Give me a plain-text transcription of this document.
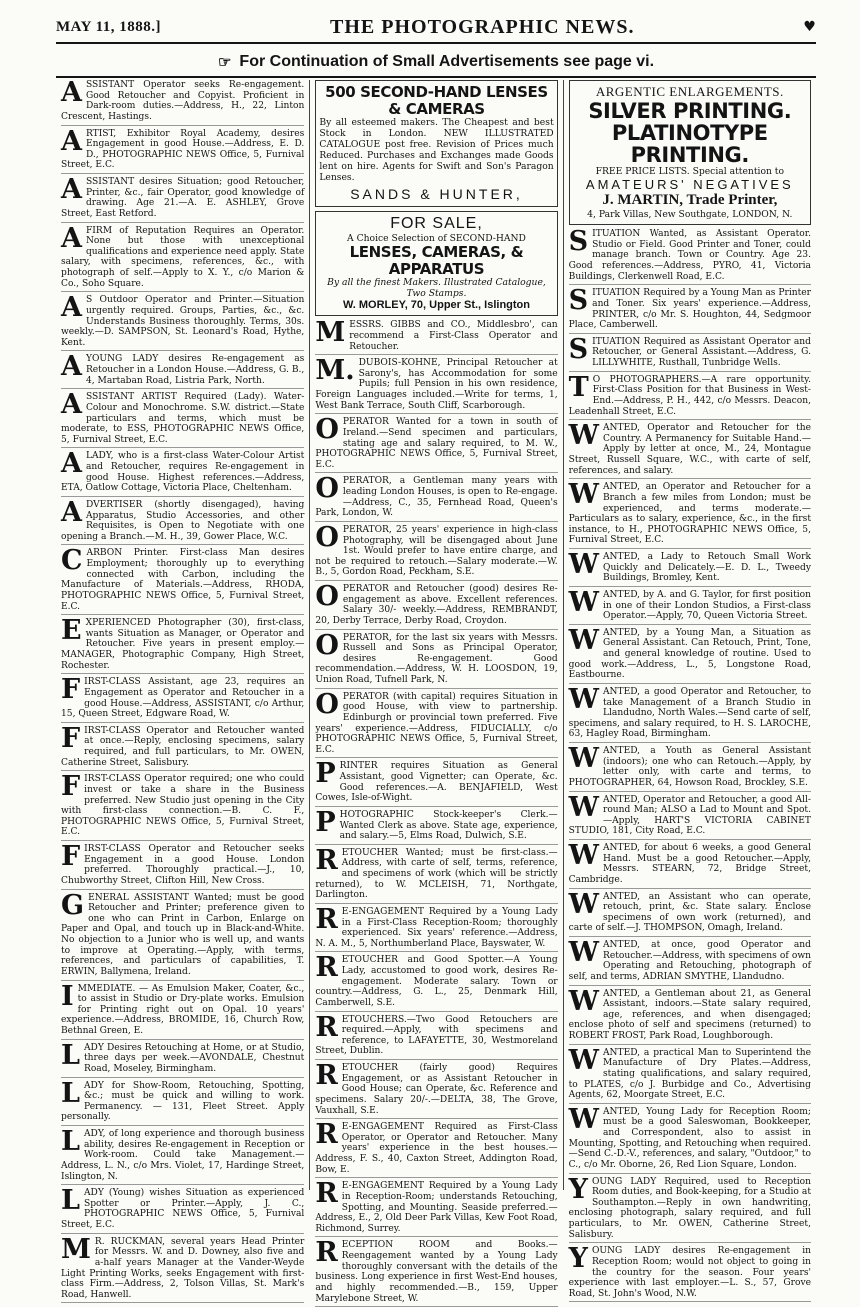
MAY 11, 1888.]	THE PHOTOGRAPHIC NEWS.	♥
☞ For Continuation of Small Advertisements see page vi.

ASSISTANT Operator seeks Re-engagement. Good Retoucher and Copyist. Proficient in Dark-room duties.—Address, H., 22, Linton Crescent, Hastings.

ARTIST, Exhibitor Royal Academy, desires Engagement in good House.—Address, E. D. D., PHOTOGRAPHIC NEWS Office, 5, Furnival Street, E.C.

ASSISTANT desires Situation; good Retoucher, Printer, &c., fair Operator, good knowledge of drawing. Age 21.—A. E. ASHLEY, Grove Street, East Retford.

AFIRM of Reputation Requires an Operator. None but those with unexceptional qualifications and experience need apply. State salary, with specimens, references, &c., with photograph of self.—Apply to X. Y., c/o Marion & Co., Soho Square.

AS Outdoor Operator and Printer.—Situation urgently required. Groups, Parties, &c., &c. Understands Business thoroughly. Terms, 30s. weekly.—D. SAMPSON, St. Leonard's Road, Hythe, Kent.

AYOUNG LADY desires Re-engagement as Retoucher in a London House.—Address, G. B., 4, Martaban Road, Listria Park, North.

ASSISTANT ARTIST Required (Lady). Water-Colour and Monochrome. S.W. district.—State particulars and terms, which must be moderate, to ESS, PHOTOGRAPHIC NEWS Office, 5, Furnival Street, E.C.

ALADY, who is a first-class Water-Colour Artist and Retoucher, requires Re-engagement in good House. Highest references.—Address, ETA, Oatlow Cottage, Victoria Place, Cheltenham.

ADVERTISER (shortly disengaged), having Apparatus, Studio Accessories, and other Requisites, is Open to Negotiate with one opening a Branch.—M. H., 39, Gower Place, W.C.

CARBON Printer. First-class Man desires Employment; thoroughly up to everything connected with Carbon, including the Manufacture of Materials.—Address, RHODA, PHOTOGRAPHIC NEWS Office, 5, Furnival Street, E.C.

EXPERIENCED Photographer (30), first-class, wants Situation as Manager, or Operator and Retoucher. Five years in present employ.—MANAGER, Photographic Company, High Street, Rochester.

FIRST-CLASS Assistant, age 23, requires an Engagement as Operator and Retoucher in a good House.—Address, ASSISTANT, c/o Arthur, 15, Queen Street, Edgware Road, W.

FIRST-CLASS Operator and Retoucher wanted at once.—Reply, enclosing specimens, salary required, and full particulars, to Mr. OWEN, Catherine Street, Salisbury.

FIRST-CLASS Operator required; one who could invest or take a share in the Business preferred. New Studio just opening in the City with first-class connection.—B. C. F., PHOTOGRAPHIC NEWS Office, 5, Furnival Street, E.C.

FIRST-CLASS Operator and Retoucher seeks Engagement in a good House. London preferred. Thoroughly practical.—J., 10, Chubworthy Street, Clifton Hill, New Cross.

GENERAL ASSISTANT Wanted; must be good Retoucher and Printer; preference given to one who can Print in Carbon, Enlarge on Paper and Opal, and touch up in Black-and-White. No objection to a Junior who is well up, and wants to improve at Operating.—Apply, with terms, references, and particulars of capabilities, T. ERWIN, Ballymena, Ireland.

IMMEDIATE. — As Emulsion Maker, Coater, &c., to assist in Studio or Dry-plate works. Emulsion for Printing right out on Opal. 10 years' experience.—Address, BROMIDE, 16, Church Row, Bethnal Green, E.

LADY Desires Retouching at Home, or at Studio, three days per week.—AVONDALE, Chestnut Road, Moseley, Birmingham.

LADY for Show-Room, Retouching, Spotting, &c.; must be quick and willing to work. Permanency. — 131, Fleet Street. Apply personally.

LADY, of long experience and thorough business ability, desires Re-engagement in Reception or Work-room. Could take Management.—Address, L. N., c/o Mrs. Violet, 17, Hardinge Street, Islington, N.

LADY (Young) wishes Situation as experienced Spotter or Printer.—Apply, J. C., PHOTOGRAPHIC NEWS Office, 5, Furnival Street, E.C.

MR. RUCKMAN, several years Head Printer for Messrs. W. and D. Downey, also five and a-half years Manager at the Vander-Weyde Light Printing Works, seeks Engagement with first-class Firm.—Address, 2, Tolson Villas, St. Mark's Road, Hanwell.

500 SECOND-HAND LENSES & CAMERAS
By all esteemed makers. The Cheapest and best Stock in London. NEW ILLUSTRATED CATALOGUE post free. Revision of Prices much Reduced. Purchases and Exchanges made Goods lent on hire. Agents for Swift and Son's Paragon Lenses.
SANDS & HUNTER,
FOR SALE,
A Choice Selection of SECOND-HAND
LENSES, CAMERAS, & APPARATUS
By all the finest Makers. Illustrated Catalogue, Two Stamps.
W. MORLEY, 70, Upper St., Islington

MESSRS. GIBBS and CO., Middlesbro', can recommend a First-Class Operator and Retoucher.

M.DUBOIS-KOHNE, Principal Retoucher at Sarony's, has Accommodation for some Pupils; full Pension in his own residence, Foreign Languages included.—Write for terms, 1, West Bank Terrace, South Cliff, Scarborough.

OPERATOR Wanted for a town in south of Ireland.—Send specimen and particulars, stating age and salary required, to M. W., PHOTOGRAPHIC NEWS Office, 5, Furnival Street, E.C.

OPERATOR, a Gentleman many years with leading London Houses, is open to Re-engage.—Address, C., 35, Fernhead Road, Queen's Park, London, W.

OPERATOR, 25 years' experience in high-class Photography, will be disengaged about June 1st. Would prefer to have entire charge, and not be required to retouch.—Salary moderate.—W. B., 5, Gordon Road, Peckham, S.E.

OPERATOR and Retoucher (good) desires Re-engagement as above. Excellent references. Salary 30/- weekly.—Address, REMBRANDT, 20, Derby Terrace, Derby Road, Croydon.

OPERATOR, for the last six years with Messrs. Russell and Sons as Principal Operator, desires Re-engagement. Good recommendation.—Address, W. H. LOOSDON, 19, Union Road, Tufnell Park, N.

OPERATOR (with capital) requires Situation in good House, with view to partnership. Edinburgh or provincial town preferred. Five years' experience.—Address, FIDUCIALLY, c/o PHOTOGRAPHIC NEWS Office, 5, Furnival Street, E.C.

PRINTER requires Situation as General Assistant, good Vignetter; can Operate, &c. Good references.—A. BENJAFIELD, West Cowes, Isle-of-Wight.

PHOTOGRAPHIC Stock-keeper's Clerk.—Wanted Clerk as above. State age, experience, and salary.—5, Elms Road, Dulwich, S.E.

RETOUCHER Wanted; must be first-class.—Address, with carte of self, terms, reference, and specimens of work (which will be strictly returned), to W. MCLEISH, 71, Northgate, Darlington.

RE-ENGAGEMENT Required by a Young Lady in a First-Class Reception-Room; thoroughly experienced. Six years' reference.—Address, N. A. M., 5, Northumberland Place, Bayswater, W.

RETOUCHER and Good Spotter.—A Young Lady, accustomed to good work, desires Re-engagement. Moderate salary. Town or country.—Address, G. L., 25, Denmark Hill, Camberwell, S.E.

RETOUCHERS.—Two Good Retouchers are required.—Apply, with specimens and reference, to LAFAYETTE, 30, Westmoreland Street, Dublin.

RETOUCHER (fairly good) Requires Engagement, or as Assistant Retoucher in Good House; can Operate, &c. Reference and specimens. Salary 20/-.—DELTA, 38, The Grove, Vauxhall, S.E.

RE-ENGAGEMENT Required as First-Class Operator, or Operator and Retoucher. Many years' experience in the best houses.—Address, F. S., 40, Caxton Street, Addington Road, Bow, E.

RE-ENGAGEMENT Required by a Young Lady in Reception-Room; understands Retouching, Spotting, and Mounting. Seaside preferred.—Address, E., 2, Old Deer Park Villas, Kew Foot Road, Richmond, Surrey.

RECEPTION ROOM and Books.—Reengagement wanted by a Young Lady thoroughly conversant with the details of the business. Long experience in first West-End houses, and highly recommended.—B., 159, Upper Marylebone Street, W.

ARGENTIC ENLARGEMENTS.
SILVER PRINTING.
PLATINOTYPE PRINTING.
FREE PRICE LISTS. Special attention to
AMATEURS' NEGATIVES
J. MARTIN, Trade Printer,
4, Park Villas, New Southgate, LONDON, N.

SITUATION Wanted, as Assistant Operator. Studio or Field. Good Printer and Toner, could manage branch. Town or Country. Age 23. Good references.—Address, PYRO, 41, Victoria Buildings, Clerkenwell Road, E.C.

SITUATION Required by a Young Man as Printer and Toner. Six years' experience.—Address, PRINTER, c/o Mr. S. Houghton, 44, Sedgmoor Place, Camberwell.

SITUATION Required as Assistant Operator and Retoucher, or General Assistant.—Address, G. LILLYWHITE, Rusthall, Tunbridge Wells.

TO PHOTOGRAPHERS.—A rare opportunity. First-Class Position for that Business in West-End.—Address, P. H., 442, c/o Messrs. Deacon, Leadenhall Street, E.C.

WANTED, Operator and Retoucher for the Country. A Permanency for Suitable Hand.—Apply by letter at once, M., 24, Montague Street, Russell Square, W.C., with carte of self, references, and salary.

WANTED, an Operator and Retoucher for a Branch a few miles from London; must be experienced, and terms moderate.—Particulars as to salary, experience, &c., in the first instance, to H., PHOTOGRAPHIC NEWS Office, 5, Furnival Street, E.C.

WANTED, a Lady to Retouch Small Work Quickly and Delicately.—E. D. L., Tweedy Buildings, Bromley, Kent.

WANTED, by A. and G. Taylor, for first position in one of their London Studios, a First-class Operator.—Apply, 70, Queen Victoria Street.

WANTED, by a Young Man, a Situation as General Assistant. Can Retouch, Print, Tone, and general knowledge of routine. Used to good work.—Address, L., 5, Longstone Road, Eastbourne.

WANTED, a good Operator and Retoucher, to take Management of a Branch Studio in Llandudno, North Wales.—Send carte of self, specimens, and salary required, to H. S. LAROCHE, 63, Hagley Road, Birmingham.

WANTED, a Youth as General Assistant (indoors); one who can Retouch.—Apply, by letter only, with carte and terms, to PHOTOGRAPHER, 64, Howson Road, Brockley, S.E.

WANTED, Operator and Retoucher, a good All-round Man; ALSO a Lad to Mount and Spot.—Apply, HART'S VICTORIA CABINET STUDIO, 181, City Road, E.C.

WANTED, for about 6 weeks, a good General Hand. Must be a good Retoucher.—Apply, Messrs. STEARN, 72, Bridge Street, Cambridge.

WANTED, an Assistant who can operate, retouch, print, &c. State salary. Enclose specimens of own work (returned), and carte of self.—J. THOMPSON, Omagh, Ireland.

WANTED, at once, good Operator and Retoucher.—Address, with specimens of own Operating and Retouching, photograph of self, and terms, ADRIAN SMYTHE, Llandudno.

WANTED, a Gentleman about 21, as General Assistant, indoors.—State salary required, age, references, and when disengaged; enclose photo of self and specimens (returned) to ROBERT FROST, Park Road, Loughborough.

WANTED, a practical Man to Superintend the Manufacture of Dry Plates.—Address, stating qualifications, and salary required, to PLATES, c/o J. Burbidge and Co., Advertising Agents, 62, Moorgate Street, E.C.

WANTED, Young Lady for Reception Room; must be a good Saleswoman, Bookkeeper, and Correspondent, also to assist in Mounting, Spotting, and Retouching when required.—Send C.-D.-V., references, and salary, "Outdoor," to C., c/o Mr. Oborne, 26, Red Lion Square, London.

YOUNG LADY Required, used to Reception Room duties, and Book-keeping, for a Studio at Southampton.—Reply in own handwriting, enclosing photograph, salary required, and full particulars, to Mr. OWEN, Catherine Street, Salisbury.

YOUNG LADY desires Re-engagement in Reception Room; would not object to going in the country for the season. Four years' experience with last employer.—L. S., 57, Grove Road, St. John's Wood, N.W.
